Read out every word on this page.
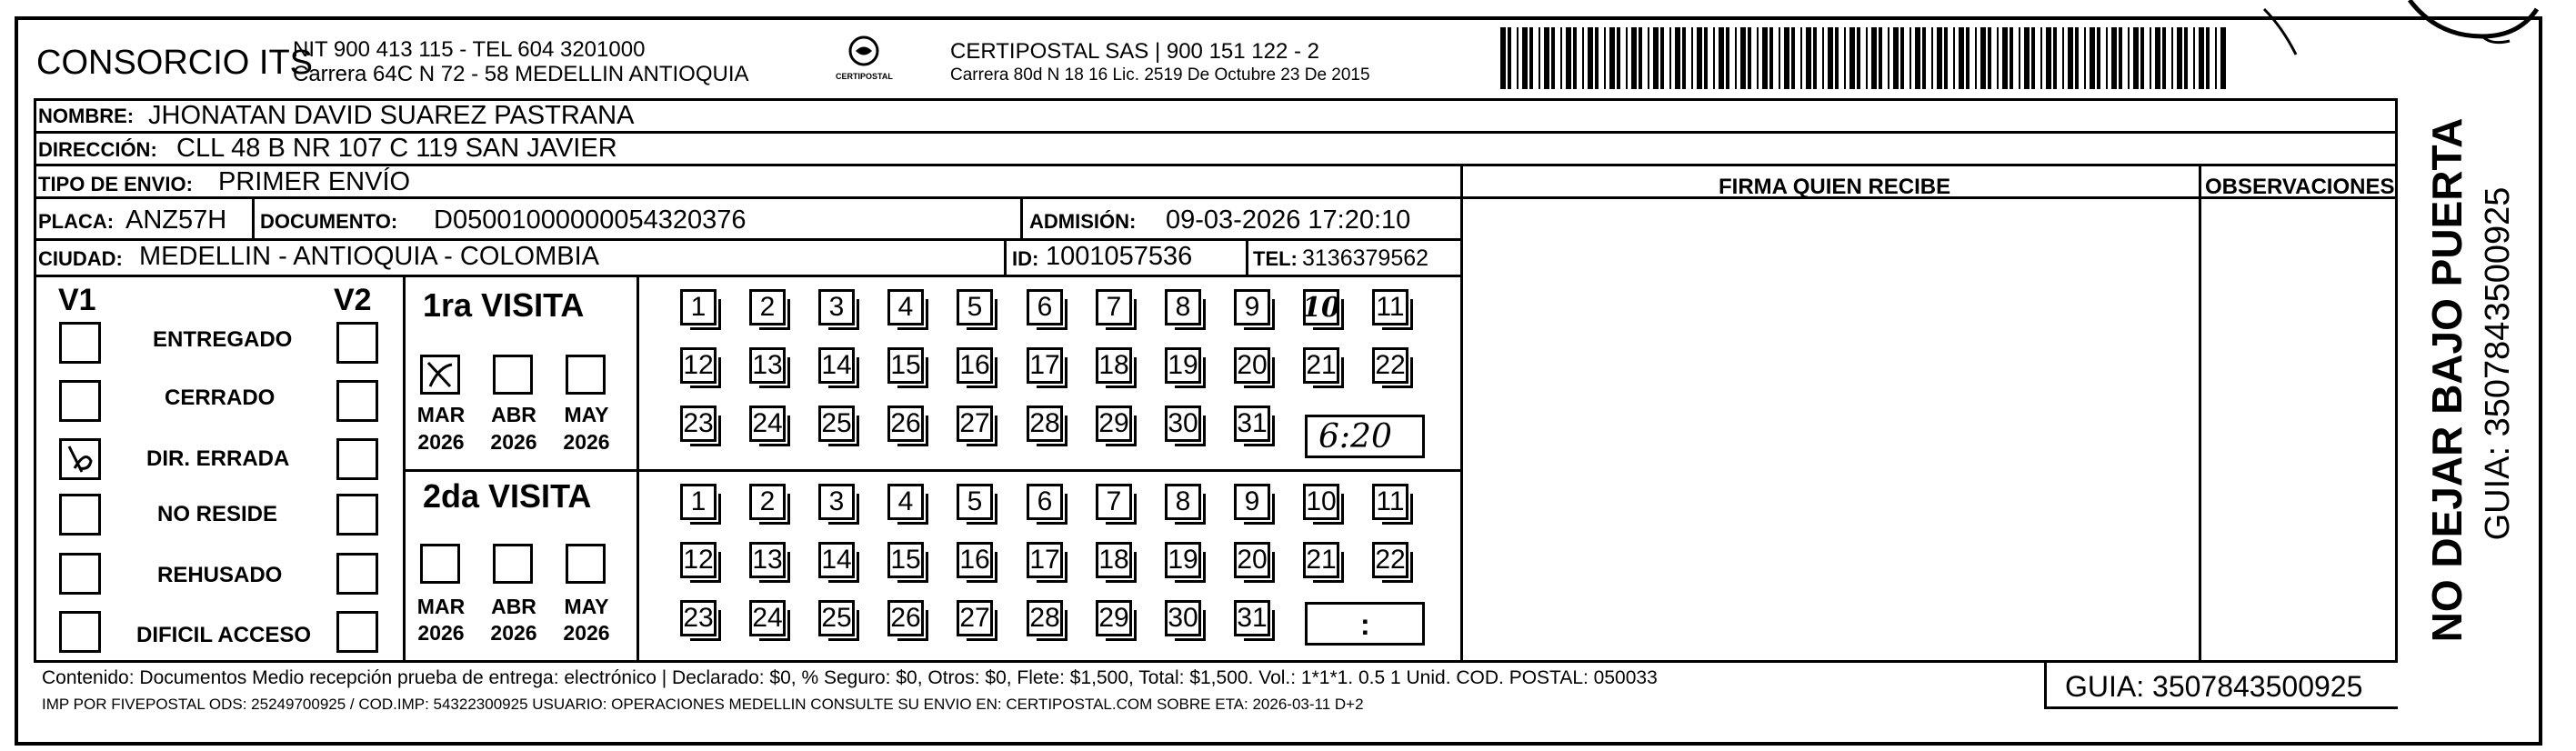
CONSORCIO ITS
NIT 900 413 115 - TEL 604 3201000
Carrera 64C N 72 - 58 MEDELLIN ANTIOQUIA	CERTIPOSTAL
CERTIPOSTAL SAS | 900 151 122 - 2
Carrera 80d N 18 16 Lic. 2519 De Octubre 23 De 2015
NOMBRE: JHONATAN DAVID SUAREZ PASTRANA
DIRECCIÓN: CLL 48 B NR 107 C 119 SAN JAVIER
TIPO DE ENVIO: PRIMER ENVÍO	FIRMA QUIEN RECIBE	OBSERVACIONES
PLACA: ANZ57H DOCUMENTO: D05001000000054320376	ADMISIÓN: 09-03-2026 17:20:10
CIUDAD: MEDELLIN - ANTIOQUIA - COLOMBIA	ID: 1001057536	TEL: 3136379562
V1	V2
ENTREGADO
CERRADO
DIR. ERRADA
NO RESIDE
REHUSADO
DIFICIL ACCESO
1ra VISITA
MAR	ABR	MAY
2026	2026	2026
1	2	3	4	5	6	7	8	9	10 11
12 13 14 15 16 17 18 19 20 21 22
23 24 25 26 27 28 29 30 31 6:20
2da VISITA
MAR	ABR	MAY
2026	2026	2026
1	2	3	4	5	6	7	8	9	10 11
12 13 14 15 16 17 18 19 20 21 22
23 24 25 26 27 28 29 30 31	:
Contenido: Documentos Medio recepción prueba de entrega: electrónico | Declarado: $0, % Seguro: $0, Otros: $0, Flete: $1,500, Total: $1,500. Vol.: 1*1*1. 0.5 1 Unid. COD. POSTAL: 050033
IMP POR FIVEPOSTAL ODS: 25249700925 / COD.IMP: 54322300925 USUARIO: OPERACIONES MEDELLIN CONSULTE SU ENVIO EN: CERTIPOSTAL.COM SOBRE ETA: 2026-03-11 D+2
GUIA: 3507843500925
NO DEJAR BAJO PUERTA GUIA: 3507843500925
